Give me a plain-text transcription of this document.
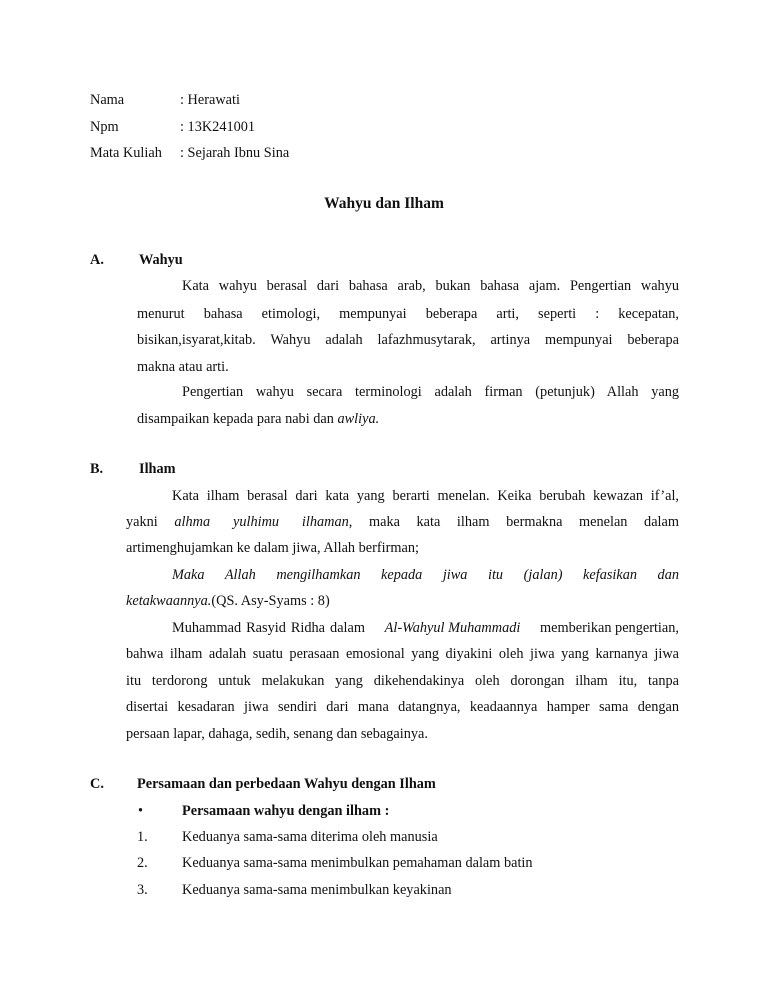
Nama	: Herawati
Npm	: 13K241001
Mata Kuliah : Sejarah Ibnu Sina
Wahyu dan Ilham
A. Wahyu
Kata wahyu berasal dari bahasa arab, bukan bahasa ajam. Pengertian wahyu
menurut bahasa etimologi, mempunyai beberapa arti, seperti : kecepatan,
bisikan,isyarat,kitab. Wahyu adalah lafazhmusytarak, artinya mempunyai beberapa
makna atau arti.
Pengertian wahyu secara terminologi adalah firman (petunjuk) Allah yang
disampaikan kepada para nabi dan awliya.
B.	Ilham
Kata ilham berasal dari kata yang berarti menelan. Keika berubah kewazan if’al,
yakni alhma yulhimu ilhaman, maka kata ilham bermakna menelan dalam
artimenghujamkan ke dalam jiwa, Allah berfirman;
Maka Allah mengilhamkan kepada jiwa itu (jalan) kefasikan dan
ketakwaannya.(QS. Asy-Syams : 8)
Muhammad Rasyid Ridha dalam Al-Wahyul Muhammadi memberikan pengertian,
bahwa ilham adalah suatu perasaan emosional yang diyakini oleh jiwa yang karnanya jiwa
itu terdorong untuk melakukan yang dikehendakinya oleh dorongan ilham itu, tanpa
disertai kesadaran jiwa sendiri dari mana datangnya, keadaannya hamper sama dengan
persaan lapar, dahaga, sedih, senang dan sebagainya.
C. Persamaan dan perbedaan Wahyu dengan Ilham
•	Persamaan wahyu dengan ilham :
1. Keduanya sama-sama diterima oleh manusia
2. Keduanya sama-sama menimbulkan pemahaman dalam batin
3. Keduanya sama-sama menimbulkan keyakinan
